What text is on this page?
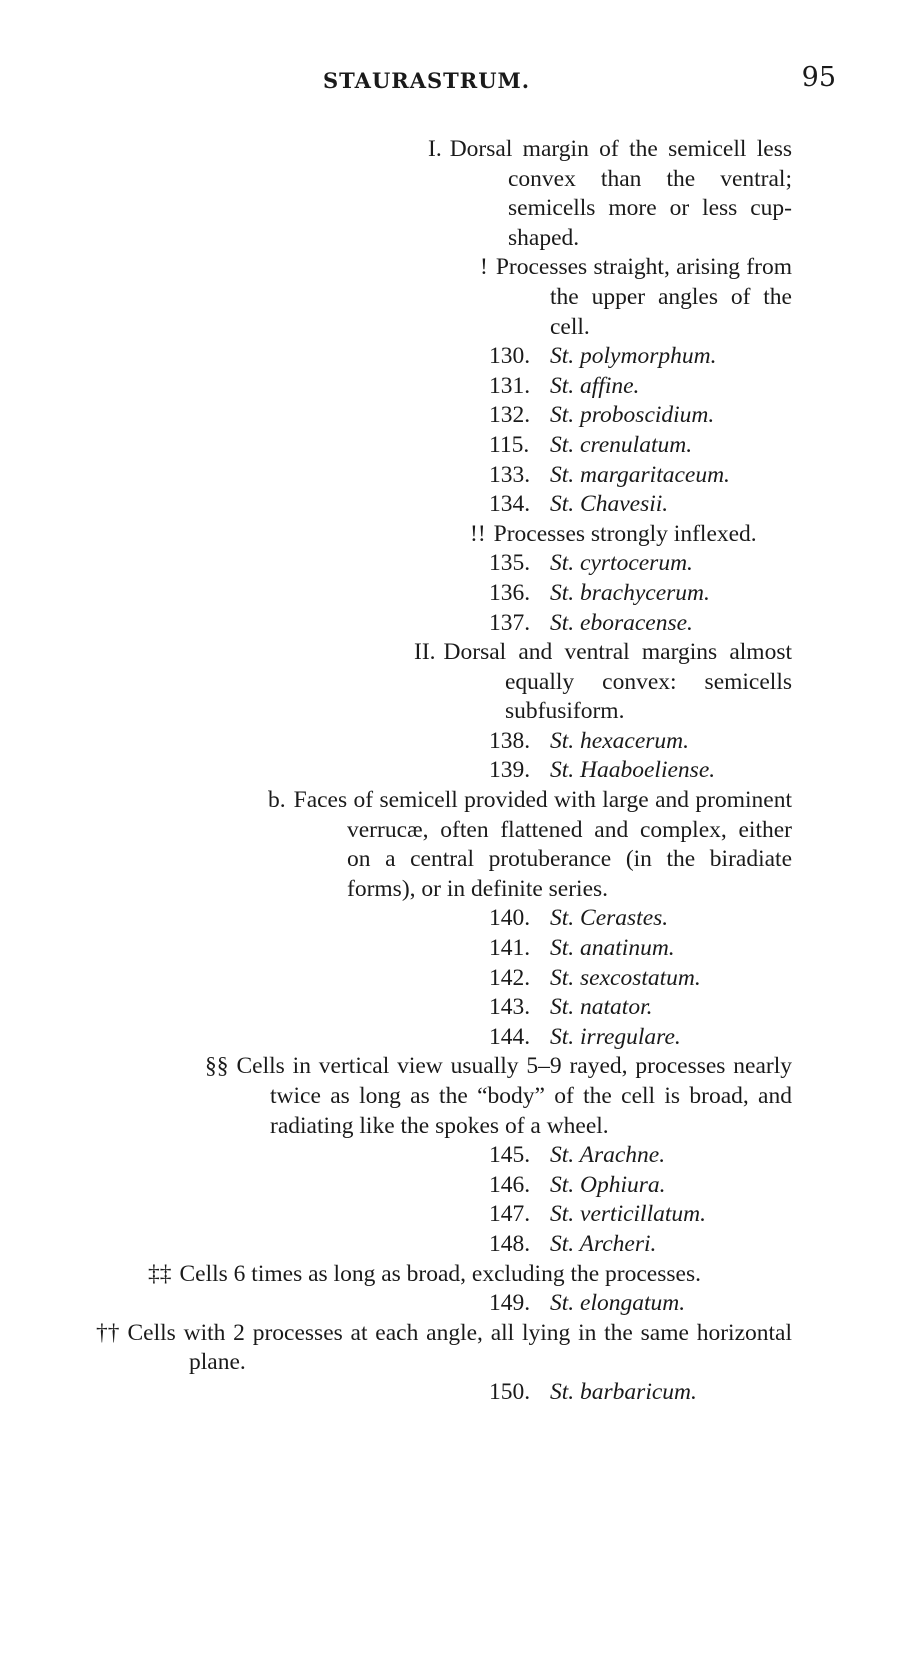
STAURASTRUM.	95
I. Dorsal margin of the semicell less convex than the ventral; semicells more or less cup-shaped.
! Processes straight, arising from the upper angles of the cell.
130. St. polymorphum.
131. St. affine.
132. St. proboscidium.
115. St. crenulatum.
133. St. margaritaceum.
134. St. Chavesii.
!! Processes strongly inflexed.
135. St. cyrtocerum.
136. St. brachycerum.
137. St. eboracense.
II. Dorsal and ventral margins almost equally convex: semicells subfusiform.
138. St. hexacerum.
139. St. Haaboeliense.
b. Faces of semicell provided with large and prominent verrucæ, often flattened and complex, either on a central protuberance (in the biradiate forms), or in definite series.
140. St. Cerastes.
141. St. anatinum.
142. St. sexcostatum.
143. St. natator.
144. St. irregulare.
§§ Cells in vertical view usually 5–9 rayed, processes nearly twice as long as the “body” of the cell is broad, and radiating like the spokes of a wheel.
145. St. Arachne.
146. St. Ophiura.
147. St. verticillatum.
148. St. Archeri.
‡‡ Cells 6 times as long as broad, excluding the processes.
149. St. elongatum.
†† Cells with 2 processes at each angle, all lying in the same horizontal plane.
150. St. barbaricum.
